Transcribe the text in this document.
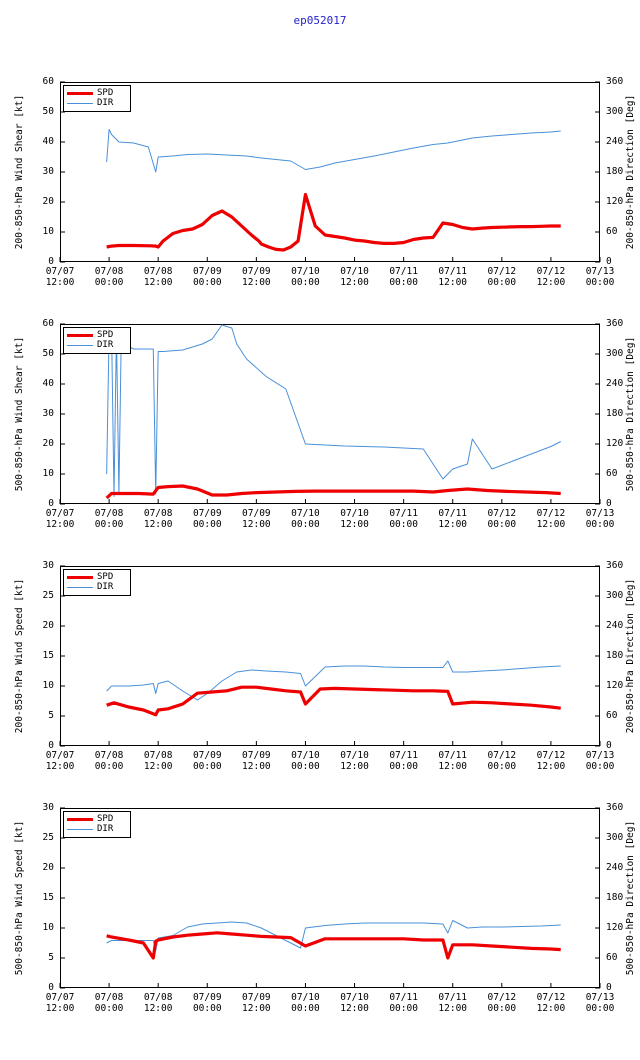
ep052017
200-850-hPa Wind Shear [kt]	200-850-hPa Direction [Deg]
0
10
20
30
40
50
60
0
60
120
180
240
300
360
07/07
12:00
07/08
00:00
07/08
12:00
07/09
00:00
07/09
12:00
07/10
00:00
07/10
12:00
07/11
00:00
07/11
12:00
07/12
00:00
07/12
12:00
07/13
00:00
SPD
DIR
500-850-hPa Wind Shear [kt]	500-850-hPa Direction [Deg]
0
10
20
30
40
50
60
0
60
120
180
240
300
360
07/07
12:00
07/08
00:00
07/08
12:00
07/09
00:00
07/09
12:00
07/10
00:00
07/10
12:00
07/11
00:00
07/11
12:00
07/12
00:00
07/12
12:00
07/13
00:00
SPD
DIR
200-850-hPa Wind Speed [kt]	200-850-hPa Direction [Deg]
0
5
10
15
20
25
30
0
60
120
180
240
300
360
07/07
12:00
07/08
00:00
07/08
12:00
07/09
00:00
07/09
12:00
07/10
00:00
07/10
12:00
07/11
00:00
07/11
12:00
07/12
00:00
07/12
12:00
07/13
00:00
SPD
DIR
500-850-hPa Wind Speed [kt]	500-850-hPa Direction [Deg]
0
5
10
15
20
25
30
0
60
120
180
240
300
360
07/07
12:00
07/08
00:00
07/08
12:00
07/09
00:00
07/09
12:00
07/10
00:00
07/10
12:00
07/11
00:00
07/11
12:00
07/12
00:00
07/12
12:00
07/13
00:00
SPD
DIR
